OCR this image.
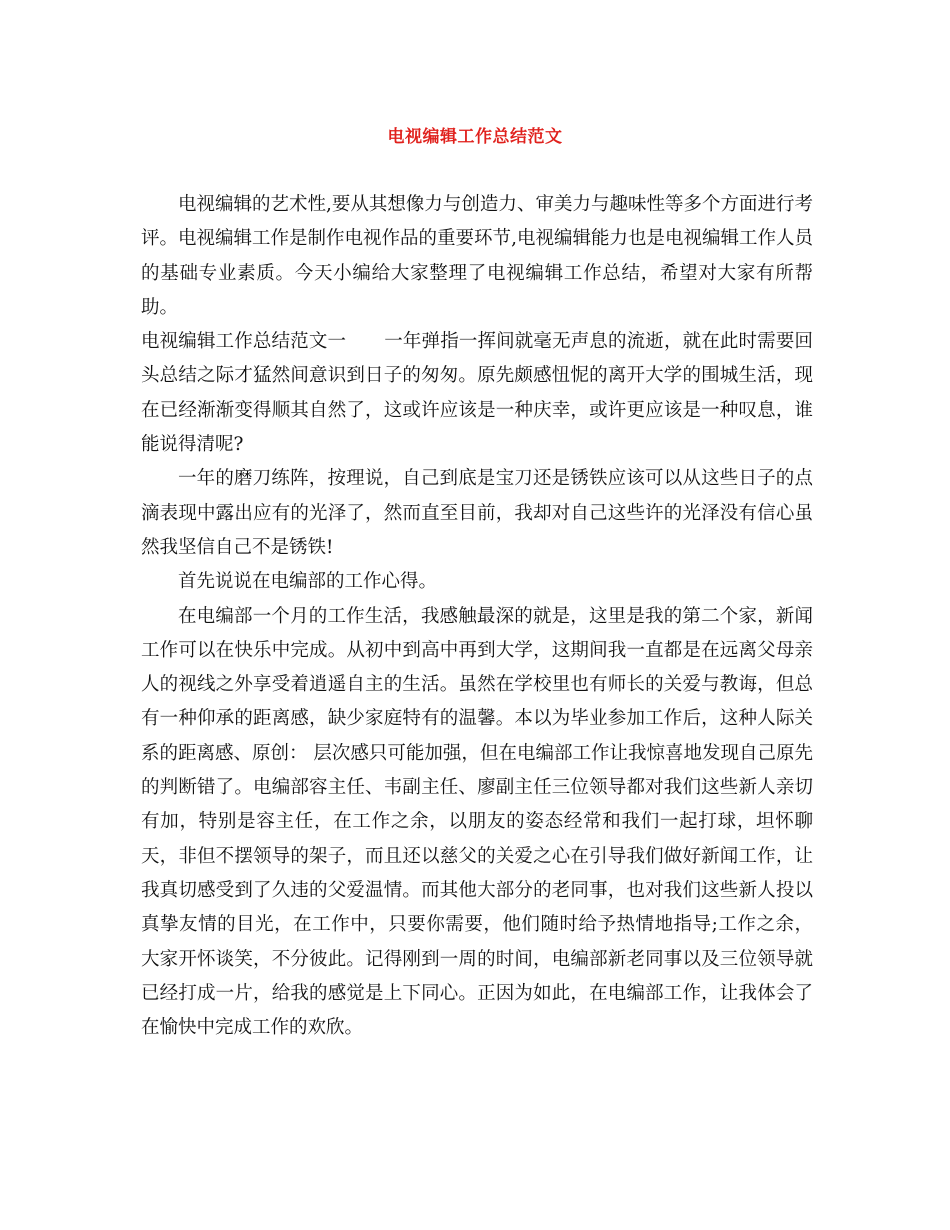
电视编辑工作总结范文

电视编辑的艺术性,要从其想像力与创造力、审美力与趣味性等多个方面进行考评。电视编辑工作是制作电视作品的重要环节,电视编辑能力也是电视编辑工作人员的基础专业素质。今天小编给大家整理了电视编辑工作总结，希望对大家有所帮助。

电视编辑工作总结范文一 一年弹指一挥间就毫无声息的流逝，就在此时需要回头总结之际才猛然间意识到日子的匆匆。原先颇感忸怩的离开大学的围城生活，现在已经渐渐变得顺其自然了，这或许应该是一种庆幸，或许更应该是一种叹息，谁能说得清呢?

一年的磨刀练阵，按理说，自己到底是宝刀还是锈铁应该可以从这些日子的点滴表现中露出应有的光泽了，然而直至目前，我却对自己这些许的光泽没有信心虽然我坚信自己不是锈铁!

首先说说在电编部的工作心得。

在电编部一个月的工作生活，我感触最深的就是，这里是我的第二个家，新闻工作可以在快乐中完成。从初中到高中再到大学，这期间我一直都是在远离父母亲人的视线之外享受着逍遥自主的生活。虽然在学校里也有师长的关爱与教诲，但总有一种仰承的距离感，缺少家庭特有的温馨。本以为毕业参加工作后，这种人际关系的距离感、原创： 层次感只可能加强，但在电编部工作让我惊喜地发现自己原先的判断错了。电编部容主任、韦副主任、廖副主任三位领导都对我们这些新人亲切有加，特别是容主任，在工作之余，以朋友的姿态经常和我们一起打球，坦怀聊天，非但不摆领导的架子，而且还以慈父的关爱之心在引导我们做好新闻工作，让我真切感受到了久违的父爱温情。而其他大部分的老同事，也对我们这些新人投以真挚友情的目光，在工作中，只要你需要，他们随时给予热情地指导;工作之余，大家开怀谈笑，不分彼此。记得刚到一周的时间，电编部新老同事以及三位领导就已经打成一片，给我的感觉是上下同心。正因为如此，在电编部工作，让我体会了在愉快中完成工作的欢欣。
